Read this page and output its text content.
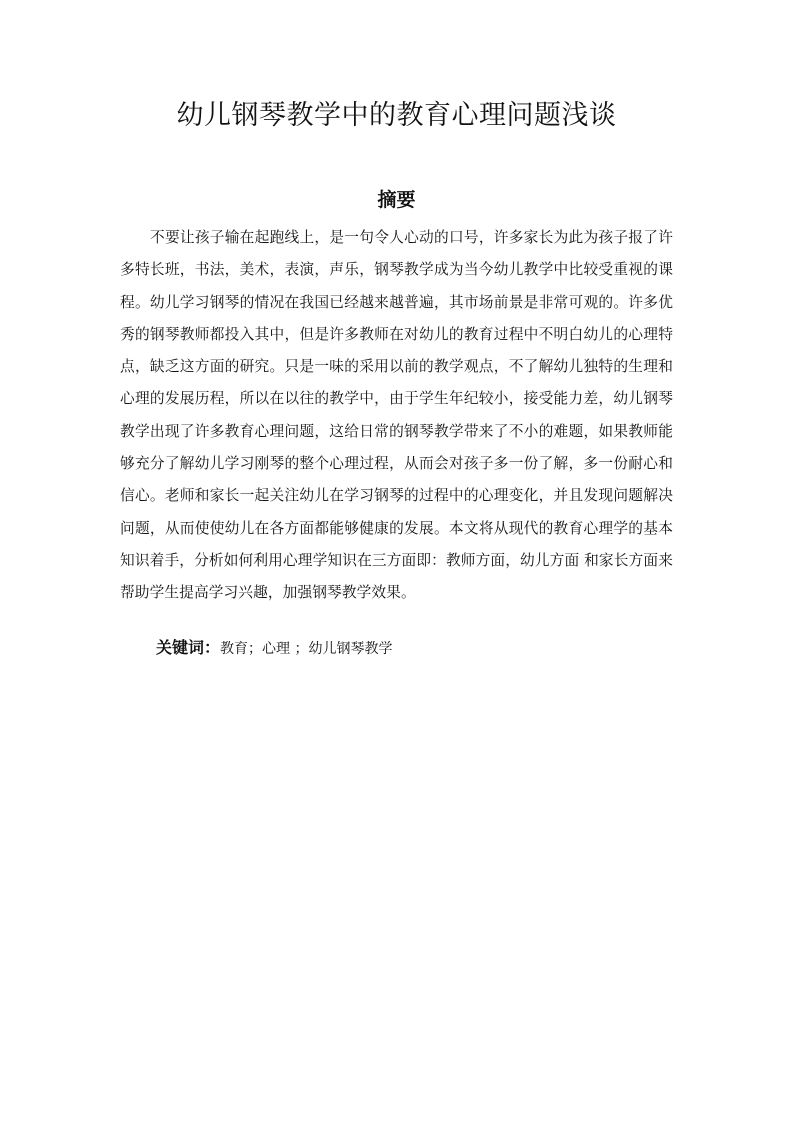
幼儿钢琴教学中的教育心理问题浅谈
摘要

不要让孩子输在起跑线上，是一句令人心动的口号，许多家长为此为孩子报了许多特长班，书法，美术，表演，声乐，钢琴教学成为当今幼儿教学中比较受重视的课程。幼儿学习钢琴的情况在我国已经越来越普遍，其市场前景是非常可观的。许多优秀的钢琴教师都投入其中，但是许多教师在对幼儿的教育过程中不明白幼儿的心理特点，缺乏这方面的研究。只是一味的采用以前的教学观点，不了解幼儿独特的生理和心理的发展历程，所以在以往的教学中，由于学生年纪较小，接受能力差，幼儿钢琴教学出现了许多教育心理问题，这给日常的钢琴教学带来了不小的难题，如果教师能够充分了解幼儿学习刚琴的整个心理过程，从而会对孩子多一份了解，多一份耐心和信心。老师和家长一起关注幼儿在学习钢琴的过程中的心理变化，并且发现问题解决问题，从而使使幼儿在各方面都能够健康的发展。本文将从现代的教育心理学的基本知识着手，分析如何利用心理学知识在三方面即：教师方面，幼儿方面 和家长方面来帮助学生提高学习兴趣，加强钢琴教学效果。

关键词：教育；心理 ；幼儿钢琴教学
